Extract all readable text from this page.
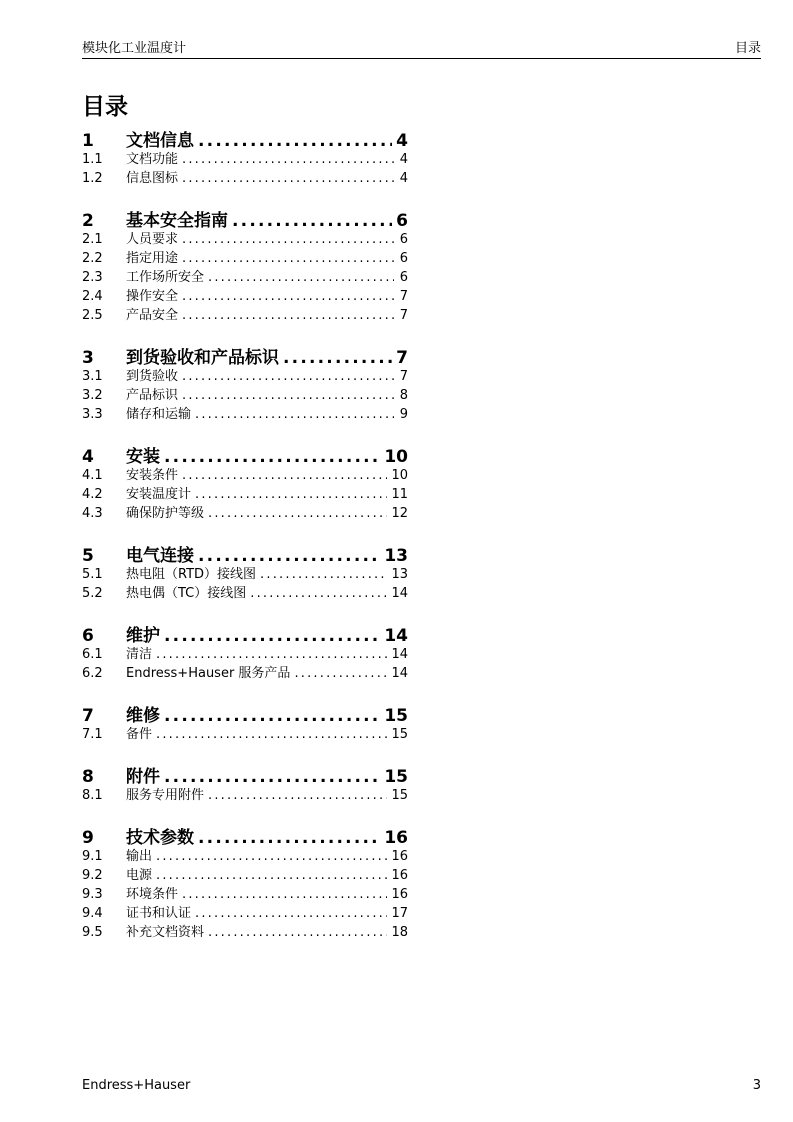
模块化工业温度计	目录
目录
1	文档信息 .....	4
1.1	文档功能 .....	4
1.2	信息图标 .....	4
2	基本安全指南 .....	6
2.1	人员要求 .....	6
2.2	指定用途 .....	6
2.3	工作场所安全 .....	6
2.4	操作安全 .....	7
2.5	产品安全 .....	7
3	到货验收和产品标识 .....	7
3.1	到货验收 .....	7
3.2	产品标识 .....	8
3.3	储存和运输 .....	9
4	安装 .....	10
4.1	安装条件 .....	10
4.2	安装温度计 .....	11
4.3	确保防护等级 .....	12
5	电气连接 .....	13
5.1	热电阻（RTD）接线图 .....	13
5.2	热电偶（TC）接线图 .....	14
6	维护 .....	14
6.1	清洁 .....	14
6.2	Endress+Hauser 服务产品 .....	14
7	维修 .....	15
7.1	备件 .....	15
8	附件 .....	15
8.1	服务专用附件 .....	15
9	技术参数 .....	16
9.1	输出 .....	16
9.2	电源 .....	16
9.3	环境条件 .....	16
9.4	证书和认证 .....	17
9.5	补充文档资料 .....	18
Endress+Hauser	3
